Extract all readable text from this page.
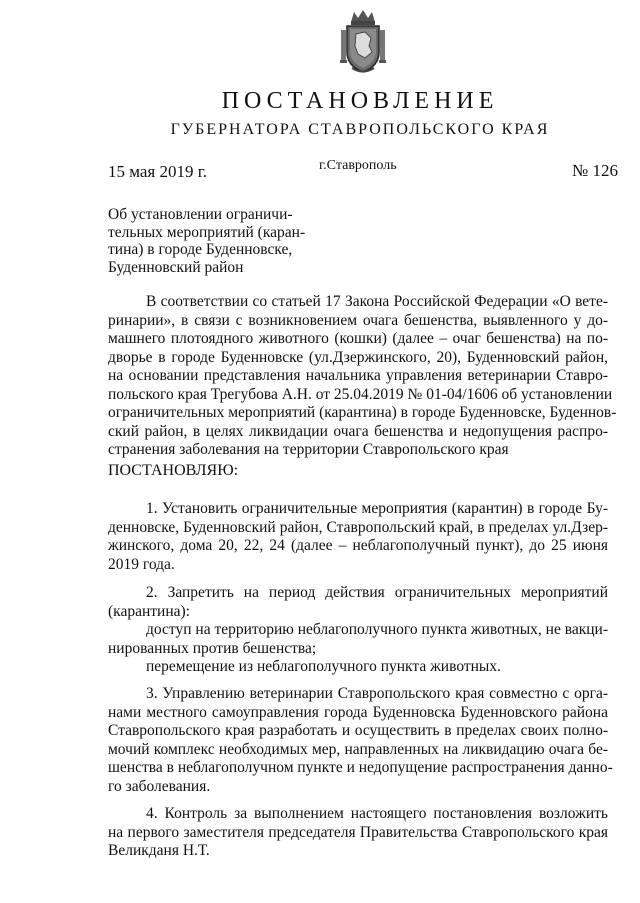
ПОСТАНОВЛЕНИЕ
ГУБЕРНАТОРА СТАВРОПОЛЬСКОГО КРАЯ
15 мая 2019 г.	г.Ставрополь	№ 126
Об установлении ограничи-
тельных мероприятий (каран-
тина) в городе Буденновске,
Буденновский район
В соответствии со статьей 17 Закона Российской Федерации «О вете-
ринарии», в связи с возникновением очага бешенства, выявленного у до-
машнего плотоядного животного (кошки) (далее – очаг бешенства) на по-
дворье в городе Буденновске (ул.Дзержинского, 20), Буденновский район,
на основании представления начальника управления ветеринарии Ставро-
польского края Трегубова А.Н. от 25.04.2019 № 01-04/1606 об установлении
ограничительных мероприятий (карантина) в городе Буденновске, Буденнов-
ский район, в целях ликвидации очага бешенства и недопущения распро-
странения заболевания на территории Ставропольского края
ПОСТАНОВЛЯЮ:
1. Установить ограничительные мероприятия (карантин) в городе Бу-
денновске, Буденновский район, Ставропольский край, в пределах ул.Дзер-
жинского, дома 20, 22, 24 (далее – неблагополучный пункт), до 25 июня
2019 года.
2. Запретить на период действия ограничительных мероприятий
(карантина):
доступ на территорию неблагополучного пункта животных, не вакци-
нированных против бешенства;
перемещение из неблагополучного пункта животных.
3. Управлению ветеринарии Ставропольского края совместно с орга-
нами местного самоуправления города Буденновска Буденновского района
Ставропольского края разработать и осуществить в пределах своих полно-
мочий комплекс необходимых мер, направленных на ликвидацию очага бе-
шенства в неблагополучном пункте и недопущение распространения данно-
го заболевания.
4. Контроль за выполнением настоящего постановления возложить
на первого заместителя председателя Правительства Ставропольского края
Великданя Н.Т.
